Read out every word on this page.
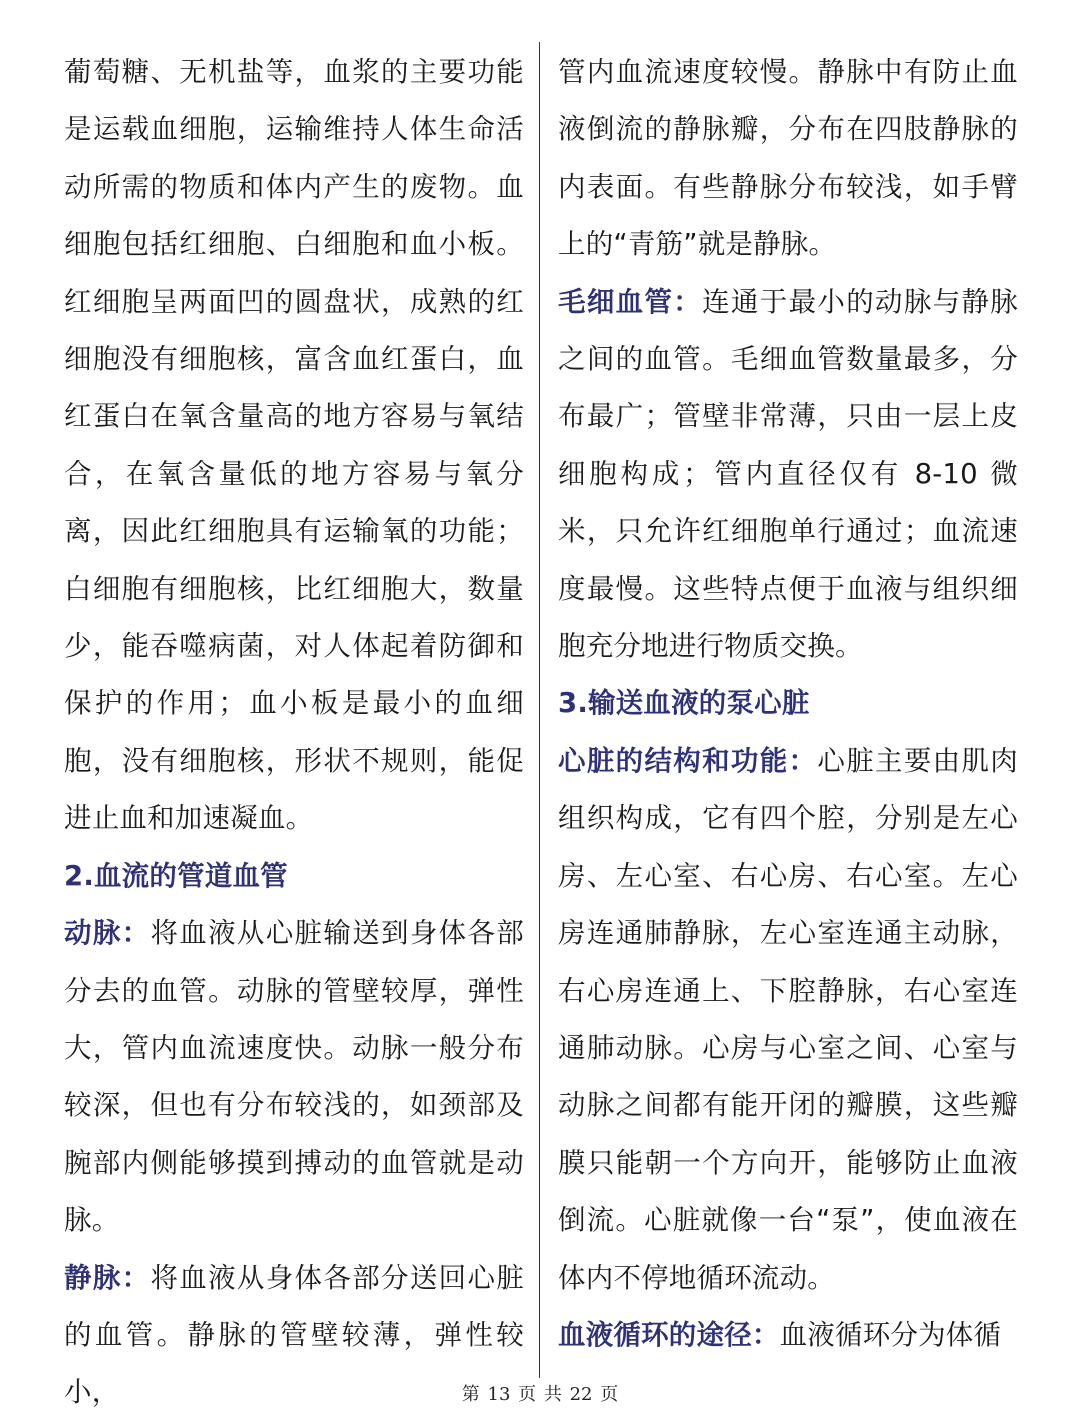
葡萄糖、无机盐等，血浆的主要功能是运载血细胞，运输维持人体生命活动所需的物质和体内产生的废物。血细胞包括红细胞、白细胞和血小板。红细胞呈两面凹的圆盘状，成熟的红细胞没有细胞核，富含血红蛋白，血红蛋白在氧含量高的地方容易与氧结合，在氧含量低的地方容易与氧分离，因此红细胞具有运输氧的功能；白细胞有细胞核，比红细胞大，数量少，能吞噬病菌，对人体起着防御和保护的作用；血小板是最小的血细胞，没有细胞核，形状不规则，能促进止血和加速凝血。

2.血流的管道血管

动脉：将血液从心脏输送到身体各部分去的血管。动脉的管壁较厚，弹性大，管内血流速度快。动脉一般分布较深，但也有分布较浅的，如颈部及腕部内侧能够摸到搏动的血管就是动脉。

静脉：将血液从身体各部分送回心脏的血管。静脉的管壁较薄，弹性较小，

管内血流速度较慢。静脉中有防止血液倒流的静脉瓣，分布在四肢静脉的内表面。有些静脉分布较浅，如手臂上的“青筋”就是静脉。

毛细血管：连通于最小的动脉与静脉之间的血管。毛细血管数量最多，分布最广；管壁非常薄，只由一层上皮细胞构成；管内直径仅有 8-10 微米，只允许红细胞单行通过；血流速度最慢。这些特点便于血液与组织细胞充分地进行物质交换。

3.输送血液的泵心脏

心脏的结构和功能：心脏主要由肌肉组织构成，它有四个腔，分别是左心房、左心室、右心房、右心室。左心房连通肺静脉，左心室连通主动脉，右心房连通上、下腔静脉，右心室连通肺动脉。心房与心室之间、心室与动脉之间都有能开闭的瓣膜，这些瓣膜只能朝一个方向开，能够防止血液倒流。心脏就像一台“泵”，使血液在体内不停地循环流动。

血液循环的途径：血液循环分为体循

第 13 页 共 22 页
